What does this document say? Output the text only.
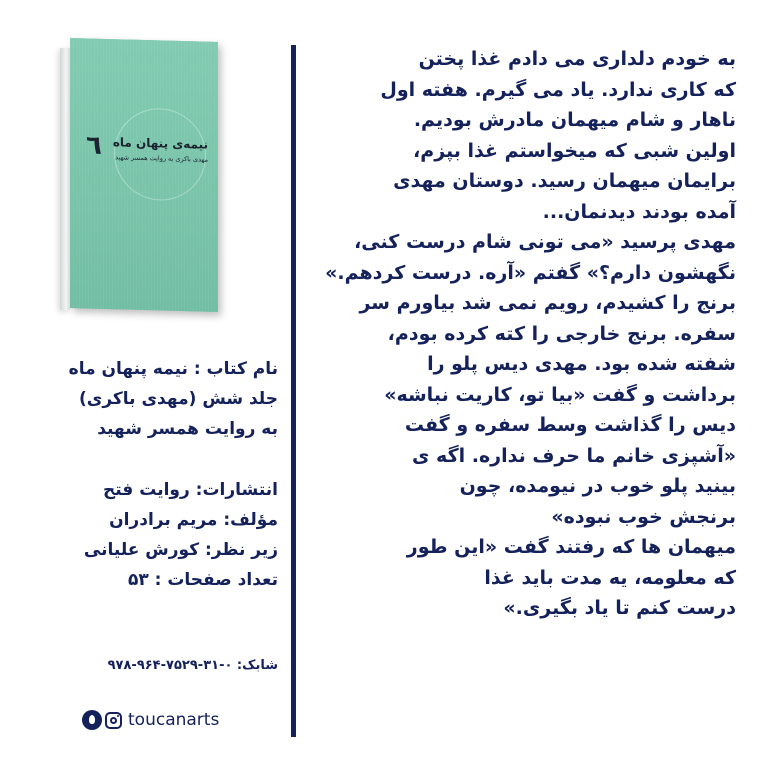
٦ نیمه‌ی پنهان ماه
مهدی باکری به روایت همسر شهید
نام کتاب : نیمه پنهان ماه
جلد شش (مهدی باکری)
به روایت همسر شهید
انتشارات: روایت فتح
مؤلف: مریم برادران
زیر نظر: کورش علیانی
تعداد صفحات : ۵۳
شابک: ۰-۳۱-۷۵۲۹-۹۶۴-۹۷۸
toucanarts
به خودم دلداری می دادم غذا پختن
که کاری ندارد. یاد می گیرم. هفته اول
ناهار و شام میهمان مادرش بودیم.
اولین شبی که میخواستم غذا بپزم،
برایمان میهمان رسید. دوستان مهدی
آمده بودند دیدنمان...
مهدی پرسید «می تونی شام درست کنی،
نگهشون دارم؟» گفتم «آره. درست کردهم.»
برنج را کشیدم، رویم نمی شد بیاورم سر
سفره. برنج خارجی را کته کرده بودم،
شفته شده بود. مهدی دیس پلو را
برداشت و گفت «بیا تو، کاریت نباشه»
دیس را گذاشت وسط سفره و گفت
«آشپزی خانم ما حرف نداره. اگه ی
بینید پلو خوب در نیومده، چون
برنجش خوب نبوده»
میهمان ها که رفتند گفت «این طور
که معلومه، یه مدت باید غذا
درست کنم تا یاد بگیری.»
